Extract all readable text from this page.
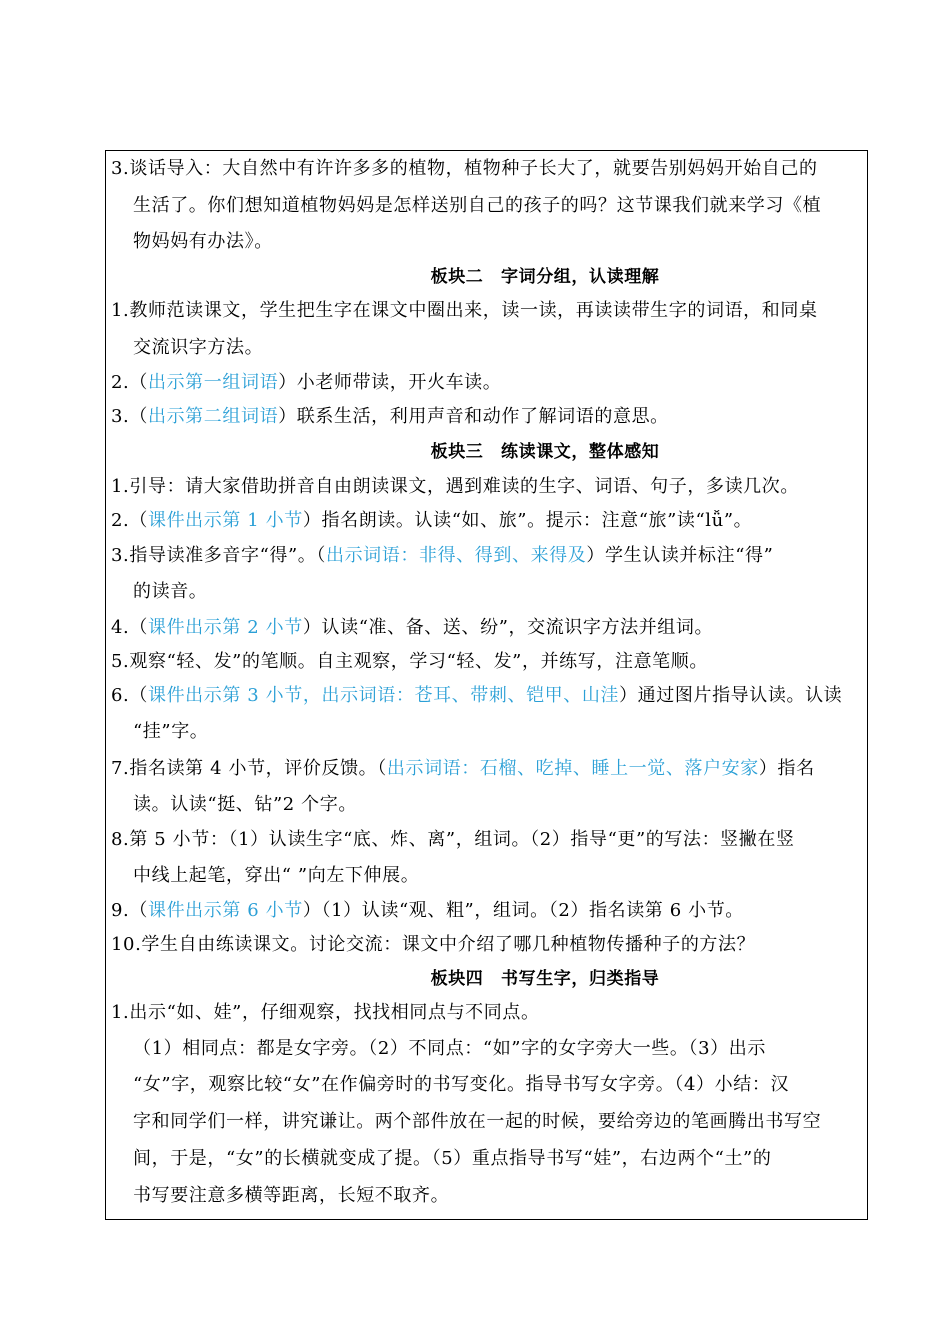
3.谈话导入：大自然中有许许多多的植物，植物种子长大了，就要告别妈妈开始自己的
生活了。你们想知道植物妈妈是怎样送别自己的孩子的吗？这节课我们就来学习《植
物妈妈有办法》。
板块二　字词分组，认读理解
1.教师范读课文，学生把生字在课文中圈出来，读一读，再读读带生字的词语，和同桌
交流识字方法。
2.（出示第一组词语）小老师带读，开火车读。
3.（出示第二组词语）联系生活，利用声音和动作了解词语的意思。
板块三　练读课文，整体感知
1.引导：请大家借助拼音自由朗读课文，遇到难读的生字、词语、句子，多读几次。
2.（课件出示第 1 小节）指名朗读。认读“如、旅”。提示：注意“旅”读“lǚ”。
3.指导读准多音字“得”。（出示词语：非得、得到、来得及）学生认读并标注“得”
的读音。
4.（课件出示第 2 小节）认读“准、备、送、纷”，交流识字方法并组词。
5.观察“轻、发”的笔顺。自主观察，学习“轻、发”，并练写，注意笔顺。
6.（课件出示第 3 小节，出示词语：苍耳、带刺、铠甲、山洼）通过图片指导认读。认读
“挂”字。
7.指名读第 4 小节，评价反馈。（出示词语：石榴、吃掉、睡上一觉、落户安家）指名
读。认读“挺、钻”2 个字。
8.第 5 小节：（1）认读生字“底、炸、离”，组词。（2）指导“更”的写法：竖撇在竖
中线上起笔，穿出“ ”向左下伸展。
9.（课件出示第 6 小节）（1）认读“观、粗”，组词。（2）指名读第 6 小节。
10.学生自由练读课文。讨论交流：课文中介绍了哪几种植物传播种子的方法？
板块四　书写生字，归类指导
1.出示“如、娃”，仔细观察，找找相同点与不同点。
（1）相同点：都是女字旁。（2）不同点：“如”字的女字旁大一些。（3）出示
“女”字，观察比较“女”在作偏旁时的书写变化。指导书写女字旁。（4）小结：汉
字和同学们一样，讲究谦让。两个部件放在一起的时候，要给旁边的笔画腾出书写空
间，于是，“女”的长横就变成了提。（5）重点指导书写“娃”，右边两个“土”的
书写要注意多横等距离，长短不取齐。
